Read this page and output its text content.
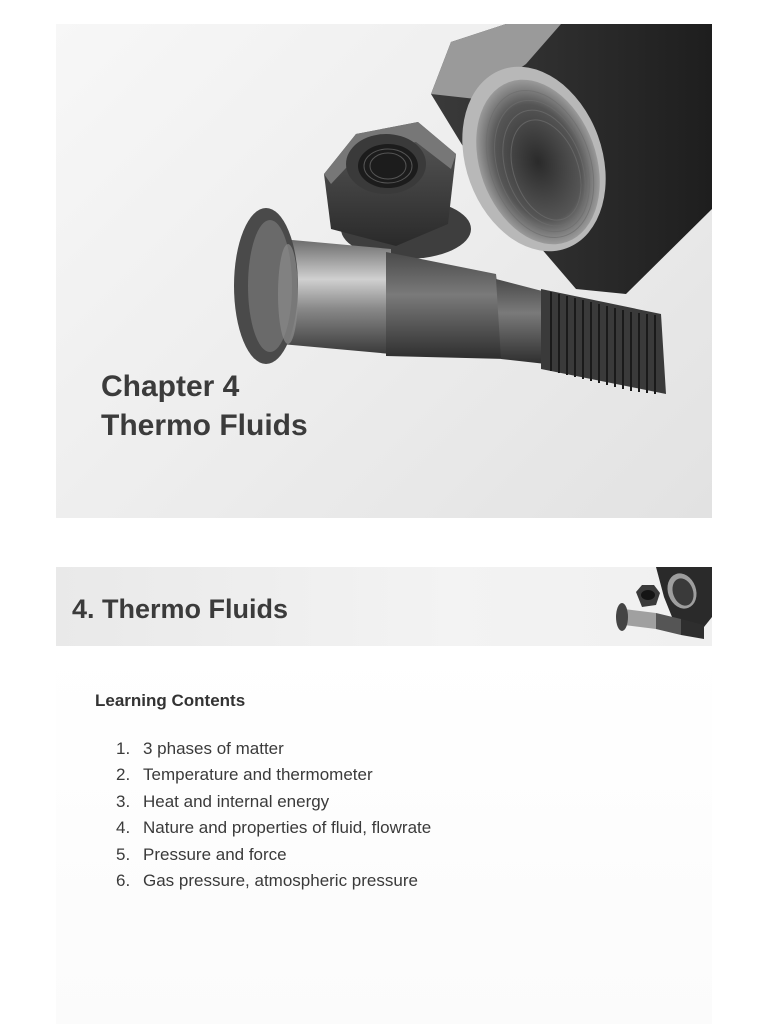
Chapter 4
Thermo Fluids
4. Thermo Fluids
Learning Contents
1. 3 phases of matter
2. Temperature and thermometer
3. Heat and internal energy
4. Nature and properties of fluid, flowrate
5. Pressure and force
6. Gas pressure, atmospheric pressure
